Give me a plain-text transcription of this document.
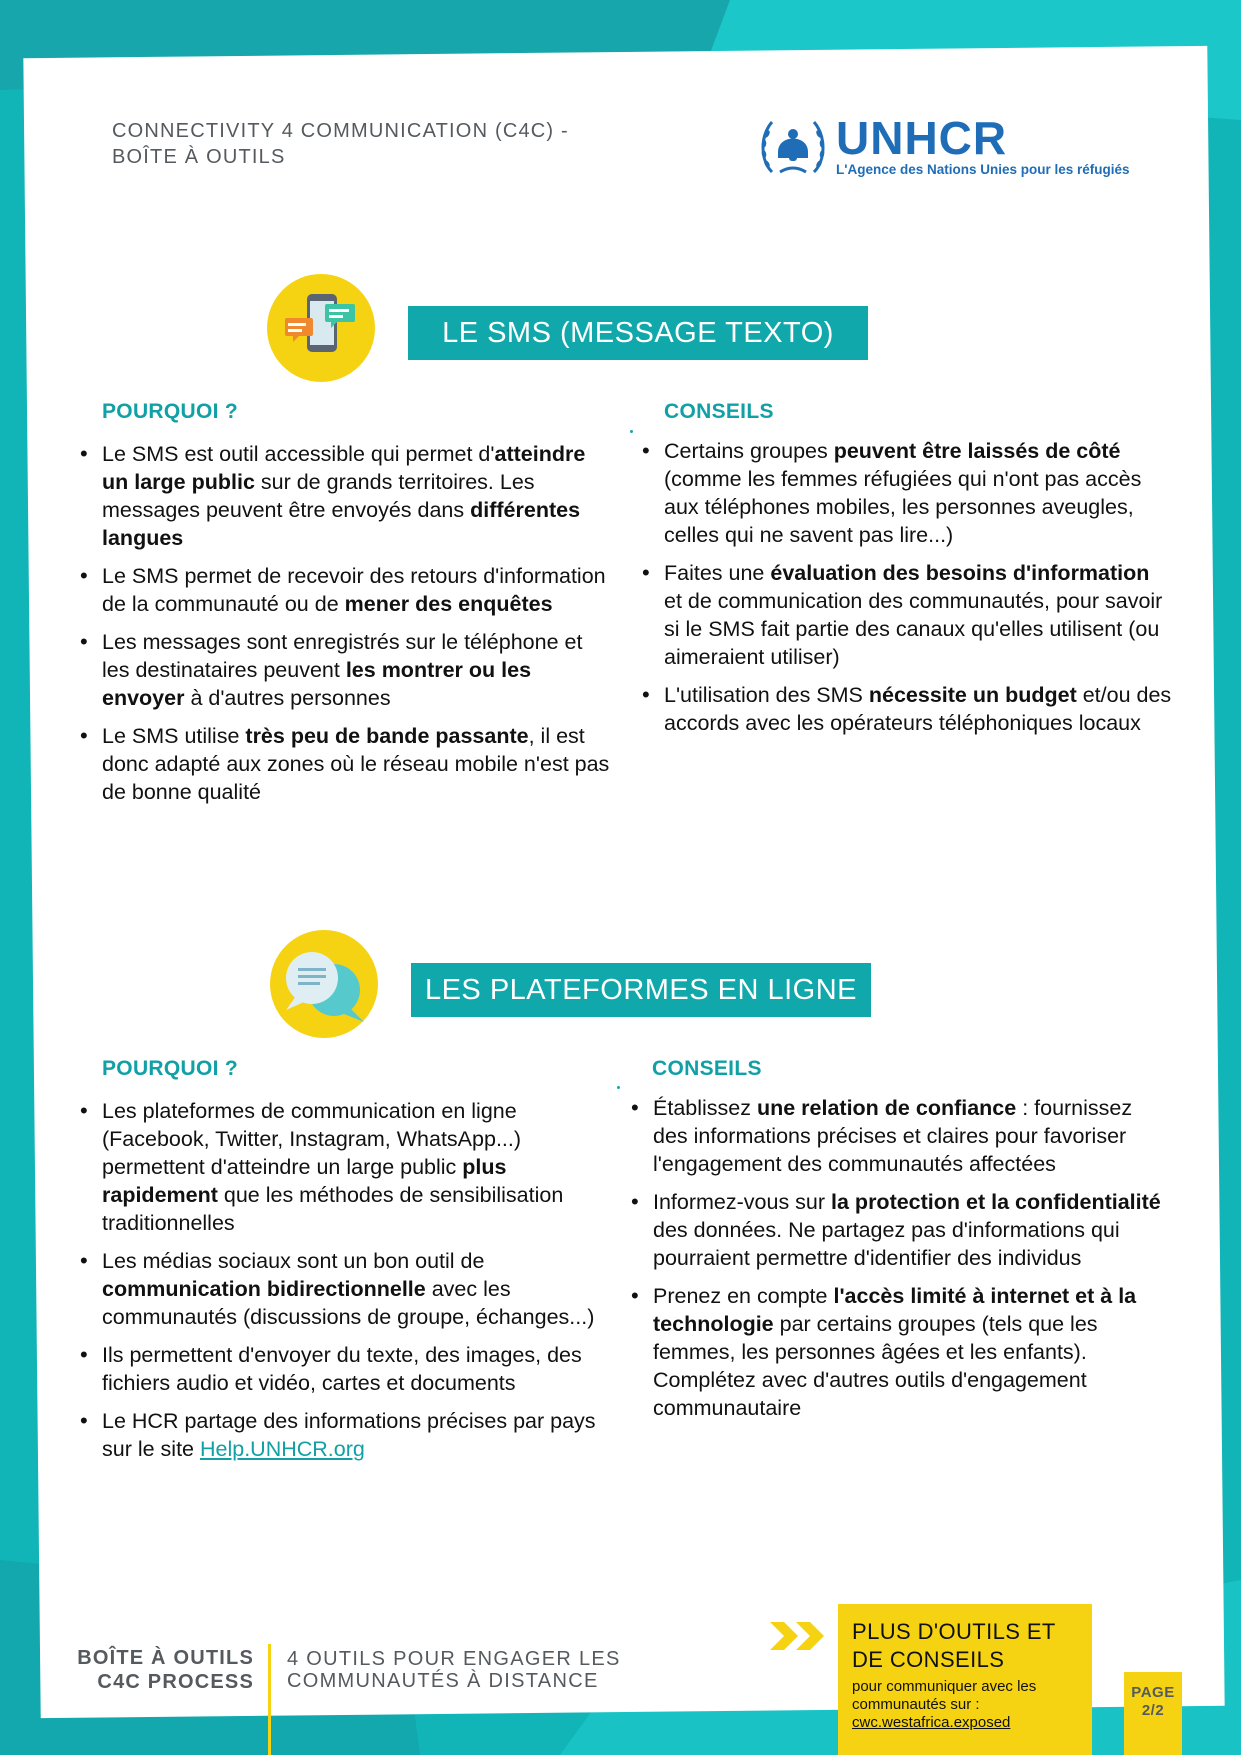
CONNECTIVITY 4 COMMUNICATION (C4C) -
BOÎTE À OUTILS	UNHCR
L'Agence des Nations Unies pour les réfugiés
LE SMS (MESSAGE TEXTO)
POURQUOI ?
• Le SMS est outil accessible qui permet d'atteindre un large public sur de grands territoires. Les messages peuvent être envoyés dans différentes langues
• Le SMS permet de recevoir des retours d'information de la communauté ou de mener des enquêtes
• Les messages sont enregistrés sur le téléphone et les destinataires peuvent les montrer ou les envoyer à d'autres personnes
• Le SMS utilise très peu de bande passante, il est donc adapté aux zones où le réseau mobile n'est pas de bonne qualité
CONSEILS
• Certains groupes peuvent être laissés de côté (comme les femmes réfugiées qui n'ont pas accès aux téléphones mobiles, les personnes aveugles, celles qui ne savent pas lire...)
• Faites une évaluation des besoins d'information et de communication des communautés, pour savoir si le SMS fait partie des canaux qu'elles utilisent (ou aimeraient utiliser)
• L'utilisation des SMS nécessite un budget et/ou des accords avec les opérateurs téléphoniques locaux
LES PLATEFORMES EN LIGNE
POURQUOI ?
• Les plateformes de communication en ligne (Facebook, Twitter, Instagram, WhatsApp...) permettent d'atteindre un large public plus rapidement que les méthodes de sensibilisation traditionnelles
• Les médias sociaux sont un bon outil de communication bidirectionnelle avec les communautés (discussions de groupe, échanges...)
• Ils permettent d'envoyer du texte, des images, des fichiers audio et vidéo, cartes et documents
• Le HCR partage des informations précises par pays sur le site Help.UNHCR.org
CONSEILS
• Établissez une relation de confiance : fournissez des informations précises et claires pour favoriser l'engagement des communautés affectées
• Informez-vous sur la protection et la confidentialité des données. Ne partagez pas d'informations qui pourraient permettre d'identifier des individus
• Prenez en compte l'accès limité à internet et à la technologie par certains groupes (tels que les femmes, les personnes âgées et les enfants). Complétez avec d'autres outils d'engagement communautaire
BOÎTE À OUTILS
C4C PROCESS
4 OUTILS POUR ENGAGER LES
COMMUNAUTÉS À DISTANCE
PLUS D'OUTILS ET
DE CONSEILS
pour communiquer avec les communautés sur :
cwc.westafrica.exposed
PAGE
2/2
